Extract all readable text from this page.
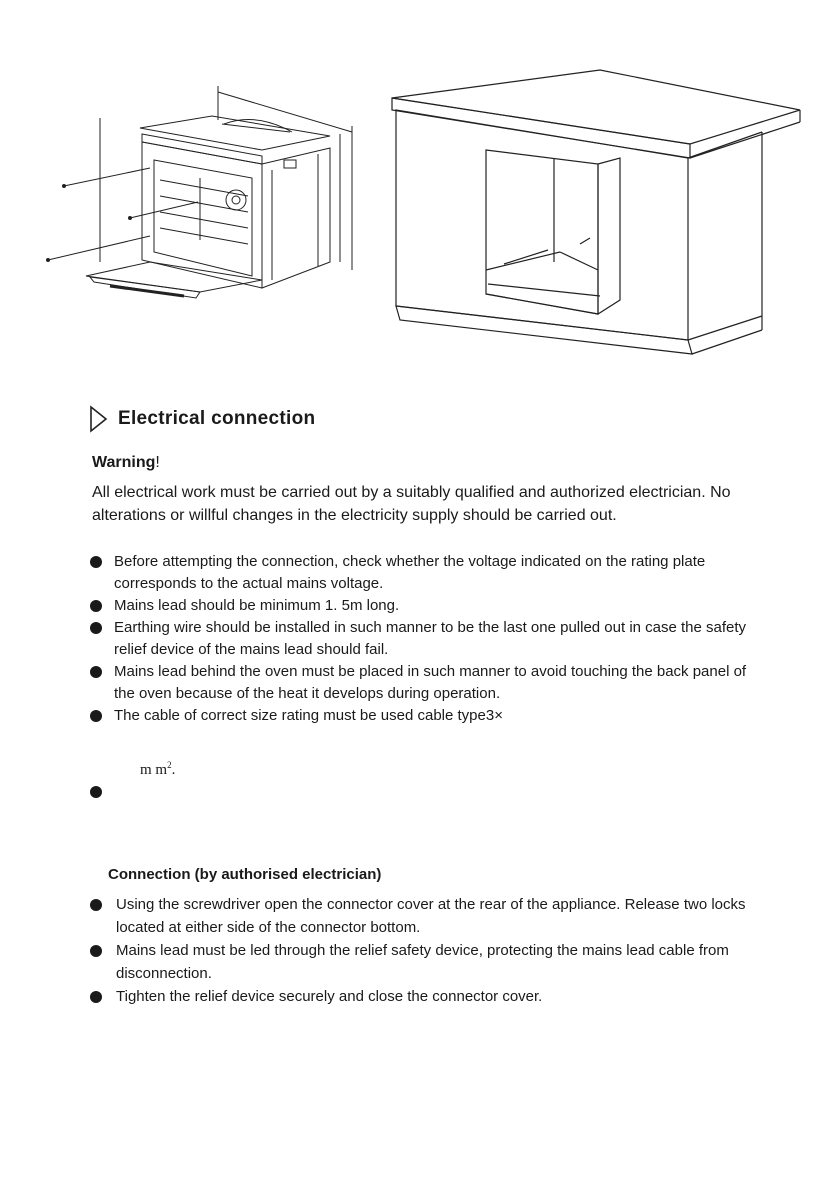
Electrical connection
Warning!
All electrical work must be carried out by a suitably qualified and authorized electrician. No alterations or willful changes in the electricity supply should be carried out.
Before attempting the connection, check whether the voltage indicated on the rating plate corresponds to the actual mains voltage.
Mains lead should be minimum 1. 5m long.
Earthing wire should be installed in such manner to be the last one pulled out in case the safety relief device of the mains lead should fail.
Mains lead behind the oven must be placed in such manner to avoid touching the back panel of the oven because of the heat it develops during operation.
The cable of correct size rating must be used cable type3×
m $m^2$.
Connection (by authorised electrician)
Using the screwdriver open the connector cover at the rear of the appliance. Release two locks located at either side of the connector bottom.
Mains lead must be led through the relief safety device, protecting the mains lead cable from disconnection.
Tighten the relief device securely and close the connector cover.
